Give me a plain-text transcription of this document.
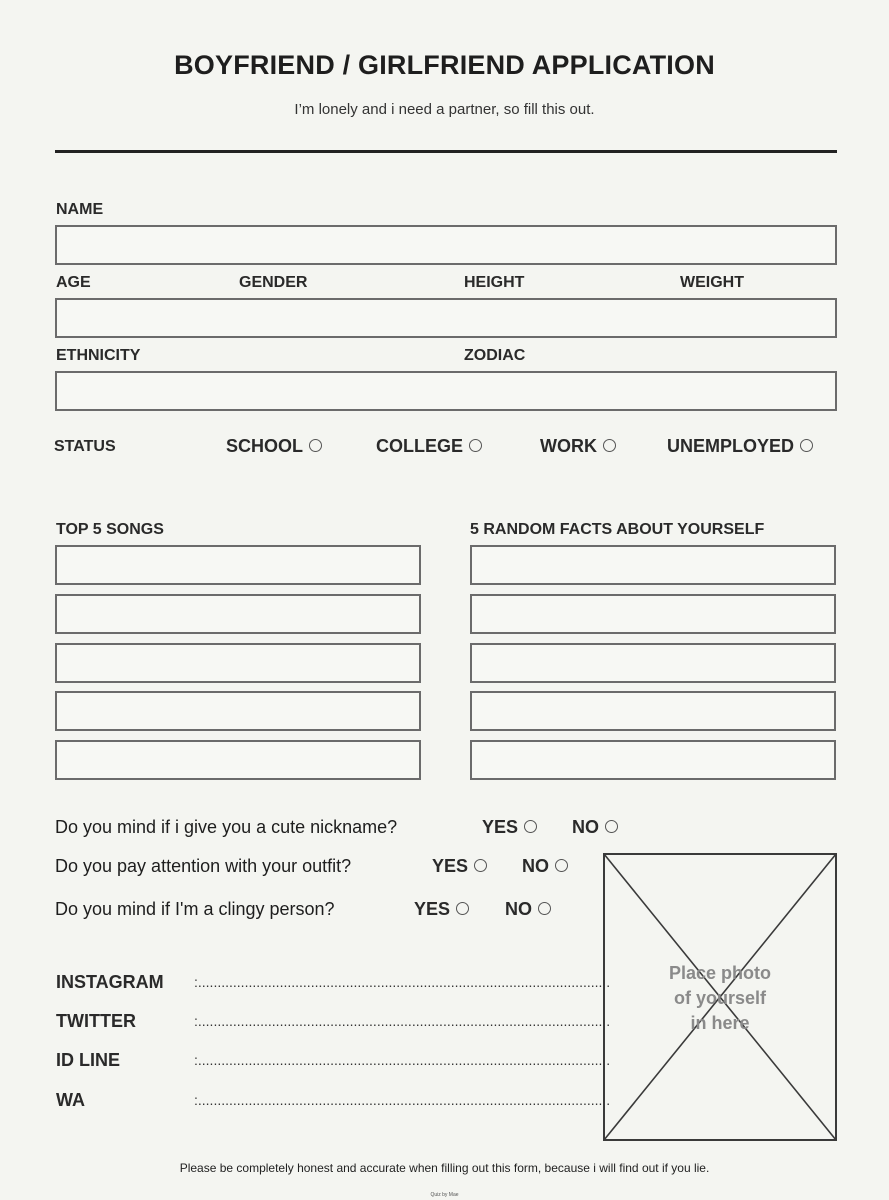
BOYFRIEND / GIRLFRIEND APPLICATION
I’m lonely and i need a partner, so fill this out.
NAME
AGE	GENDER	HEIGHT	WEIGHT
ETHNICITY	ZODIAC
STATUS	SCHOOL	COLLEGE	WORK	UNEMPLOYED
TOP 5 SONGS	5 RANDOM FACTS ABOUT YOURSELF
Do you mind if i give you a cute nickname?	YES	NO
Do you pay attention with your outfit?	YES	NO
Do you mind if I'm a clingy person?	YES	NO
INSTAGRAM :..........................................................................................................
TWITTER	:..........................................................................................................
ID LINE	:..........................................................................................................
WA	:..........................................................................................................
Place photo
of yourself
in here
Please be completely honest and accurate when filling out this form, because i will find out if you lie.
Quiz by Mae
